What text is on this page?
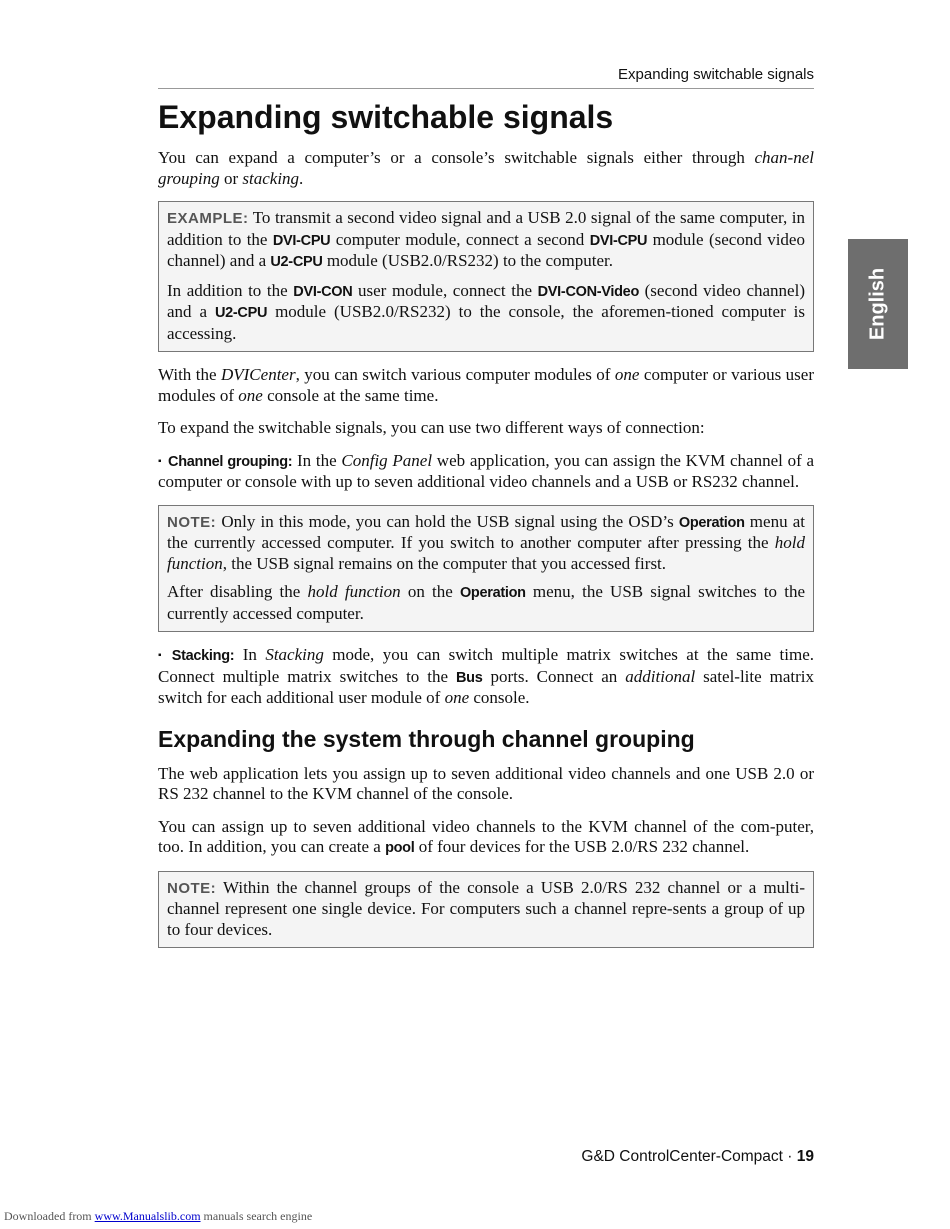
Expanding switchable signals
English
Expanding switchable signals

You can expand a computer’s or a console’s switchable signals either through chan-nel grouping or stacking.

EXAMPLE: To transmit a second video signal and a USB 2.0 signal of the same computer, in addition to the DVI-CPU computer module, connect a second DVI-CPU module (second video channel) and a U2-CPU module (USB2.0/RS232) to the computer.

In addition to the DVI-CON user module, connect the DVI-CON-Video (second video channel) and a U2-CPU module (USB2.0/RS232) to the console, the aforemen-tioned computer is accessing.

With the DVICenter, you can switch various computer modules of one computer or various user modules of one console at the same time.

To expand the switchable signals, you can use two different ways of connection:

▪ Channel grouping: In the Config Panel web application, you can assign the KVM channel of a computer or console with up to seven additional video channels and a USB or RS232 channel.

NOTE: Only in this mode, you can hold the USB signal using the OSD’s Operation menu at the currently accessed computer. If you switch to another computer after pressing the hold function, the USB signal remains on the computer that you accessed first.

After disabling the hold function on the Operation menu, the USB signal switches to the currently accessed computer.

▪ Stacking: In Stacking mode, you can switch multiple matrix switches at the same time. Connect multiple matrix switches to the Bus ports. Connect an additional satel-lite matrix switch for each additional user module of one console.

Expanding the system through channel grouping

The web application lets you assign up to seven additional video channels and one USB 2.0 or RS 232 channel to the KVM channel of the console.

You can assign up to seven additional video channels to the KVM channel of the com-puter, too. In addition, you can create a pool of four devices for the USB 2.0/RS 232 channel.

NOTE: Within the channel groups of the console a USB 2.0/RS 232 channel or a multi-channel represent one single device. For computers such a channel repre-sents a group of up to four devices.

G&D ControlCenter-Compact · 19
Downloaded from www.Manualslib.com manuals search engine
